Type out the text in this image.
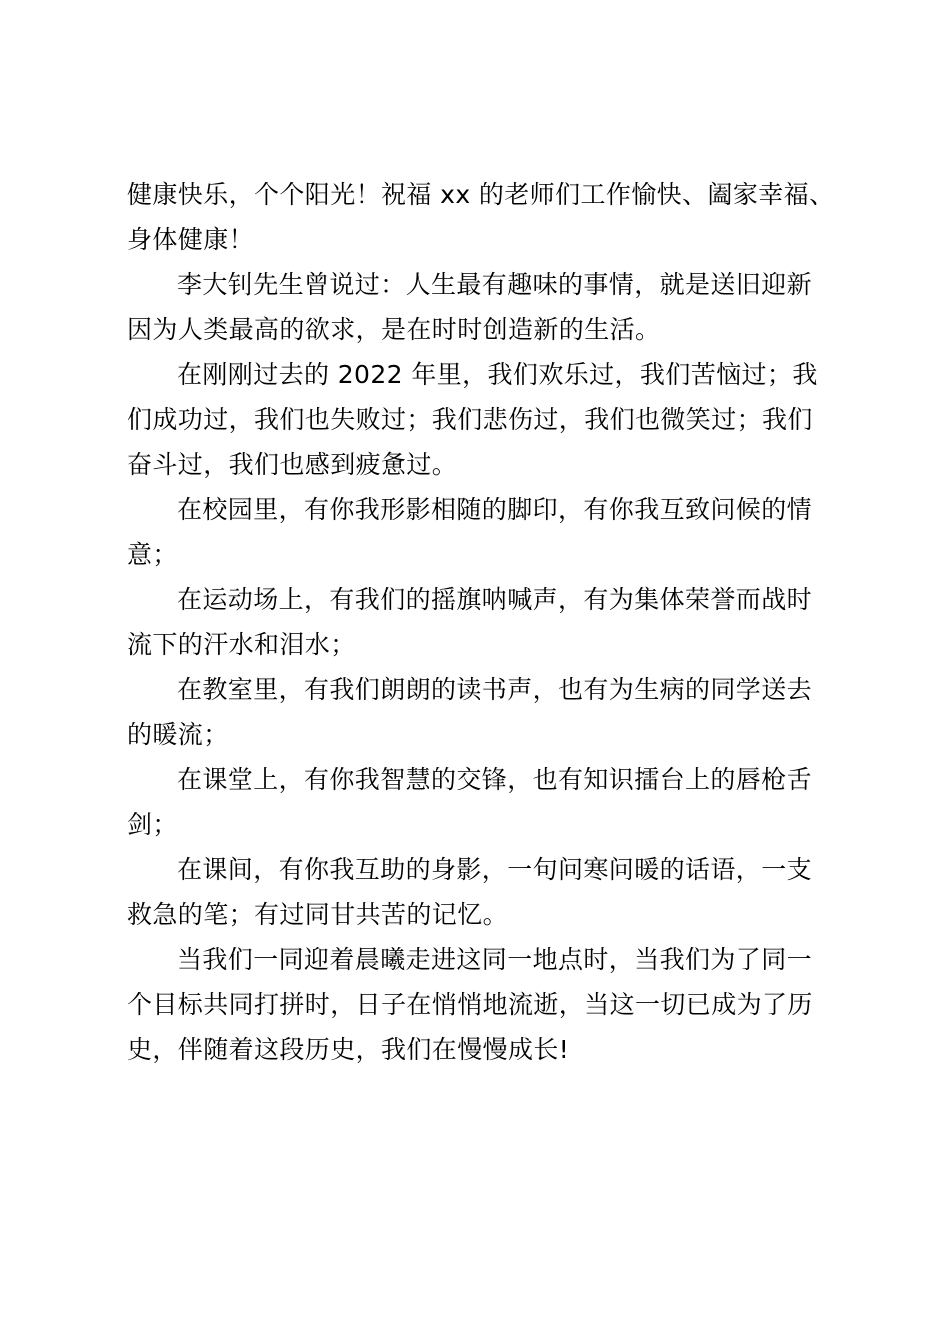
健康快乐，个个阳光！祝福 xx 的老师们工作愉快、阖家幸福、
身体健康！
李大钊先生曾说过：人生最有趣味的事情，就是送旧迎新
因为人类最高的欲求，是在时时创造新的生活。
在刚刚过去的 2022 年里，我们欢乐过，我们苦恼过；我
们成功过，我们也失败过；我们悲伤过，我们也微笑过；我们
奋斗过，我们也感到疲惫过。
在校园里，有你我形影相随的脚印，有你我互致问候的情
意；
在运动场上，有我们的摇旗呐喊声，有为集体荣誉而战时
流下的汗水和泪水；
在教室里，有我们朗朗的读书声，也有为生病的同学送去
的暖流；
在课堂上，有你我智慧的交锋，也有知识擂台上的唇枪舌
剑；
在课间，有你我互助的身影，一句问寒问暖的话语，一支
救急的笔；有过同甘共苦的记忆。
当我们一同迎着晨曦走进这同一地点时，当我们为了同一
个目标共同打拼时，日子在悄悄地流逝，当这一切已成为了历
史，伴随着这段历史，我们在慢慢成长!
